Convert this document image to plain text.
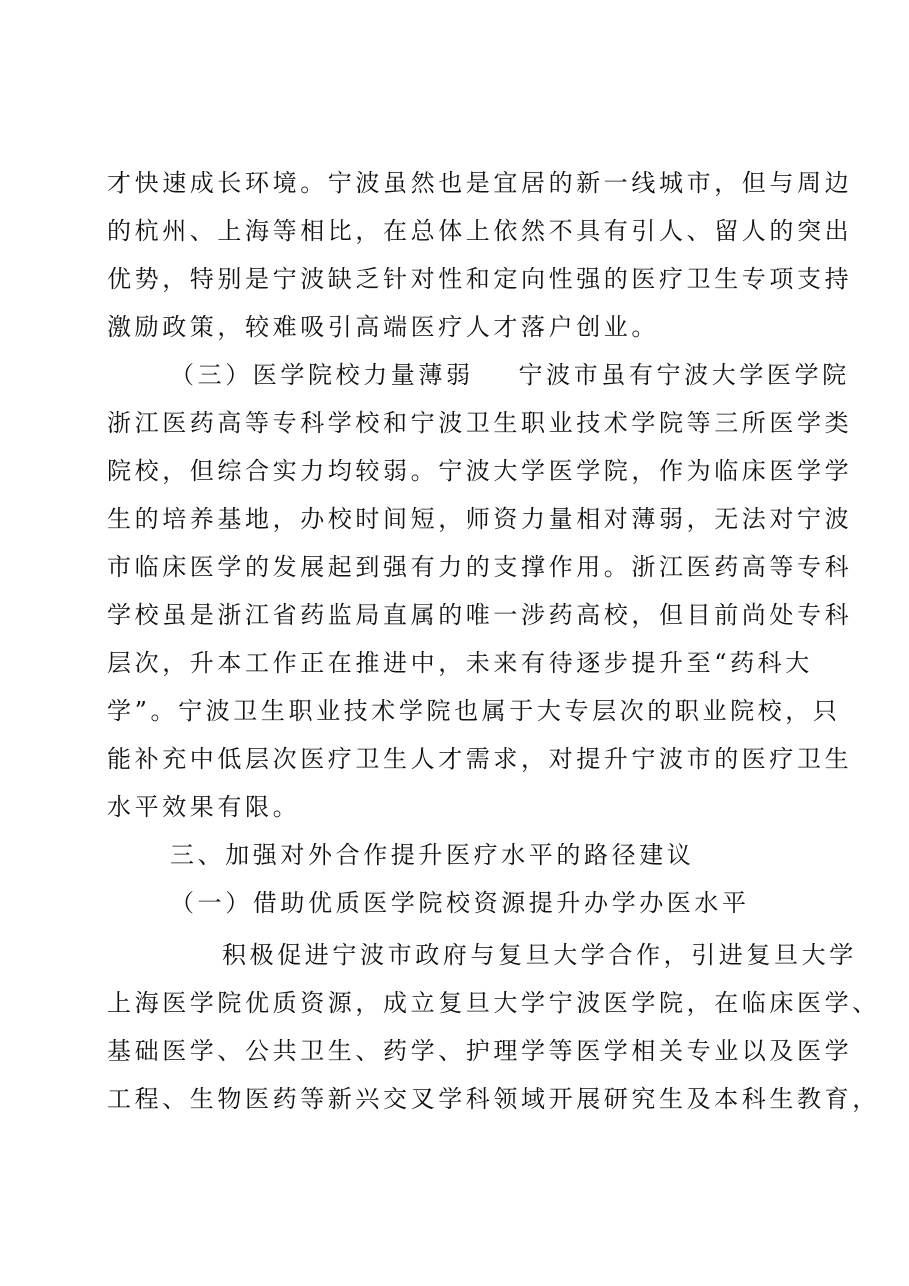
才快速成长环境。宁波虽然也是宜居的新一线城市，但与周边
的杭州、上海等相比，在总体上依然不具有引人、留人的突出
优势，特别是宁波缺乏针对性和定向性强的医疗卫生专项支持
激励政策，较难吸引高端医疗人才落户创业。
（三）医学院校力量薄弱    宁波市虽有宁波大学医学院
浙江医药高等专科学校和宁波卫生职业技术学院等三所医学类
院校，但综合实力均较弱。宁波大学医学院，作为临床医学学
生的培养基地，办校时间短，师资力量相对薄弱，无法对宁波
市临床医学的发展起到强有力的支撑作用。浙江医药高等专科
学校虽是浙江省药监局直属的唯一涉药高校，但目前尚处专科
层次，升本工作正在推进中，未来有待逐步提升至“药科大
学”。宁波卫生职业技术学院也属于大专层次的职业院校，只
能补充中低层次医疗卫生人才需求，对提升宁波市的医疗卫生
水平效果有限。
三、加强对外合作提升医疗水平的路径建议
（一）借助优质医学院校资源提升办学办医水平
积极促进宁波市政府与复旦大学合作，引进复旦大学
上海医学院优质资源，成立复旦大学宁波医学院，在临床医学、
基础医学、公共卫生、药学、护理学等医学相关专业以及医学
工程、生物医药等新兴交叉学科领域开展研究生及本科生教育，
